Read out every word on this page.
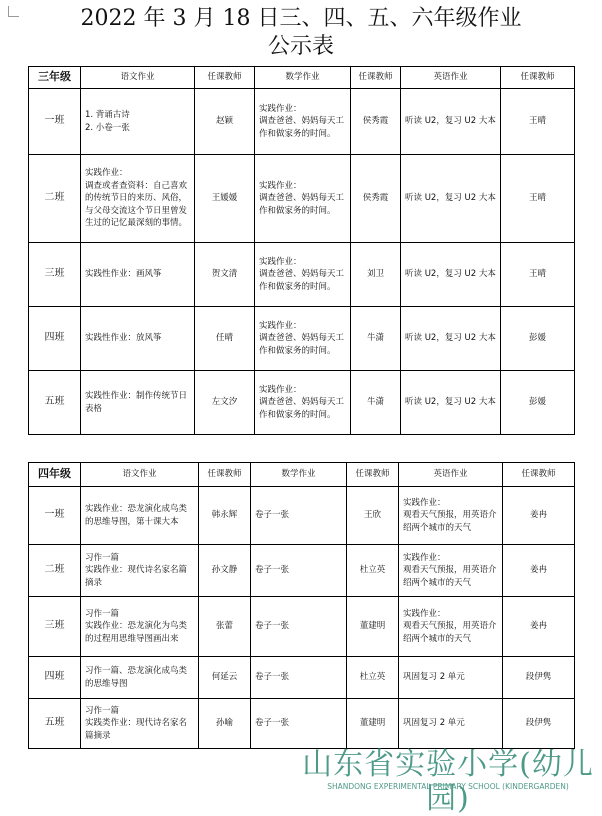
2022 年 3 月 18 日三、四、五、六年级作业
公示表
三年级	语文作业	任课教师	数学作业	任课教师	英语作业	任课教师
一班	1. 背诵古诗
2. 小卷一张	赵颖	实践作业：
调查爸爸、妈妈每天工作和做家务的时间。	侯秀霞	听读 U2，复习 U2 大本	王晴
二班	实践作业：
调查或者查资料：自己喜欢的传统节日的来历、风俗，与父母交流这个节日里曾发生过的记忆最深刻的事情。	王媛媛	实践作业：
调查爸爸、妈妈每天工作和做家务的时间。	侯秀霞	听读 U2，复习 U2 大本	王晴
三班	实践性作业：画风筝	贺文清	实践作业：
调查爸爸、妈妈每天工作和做家务的时间。	刘卫	听读 U2，复习 U2 大本	王晴
四班	实践性作业：放风筝	任晴	实践作业：
调查爸爸、妈妈每天工作和做家务的时间。	牛潇	听读 U2，复习 U2 大本	彭媛
五班	实践性作业：制作传统节日表格	左文汐	实践作业：
调查爸爸、妈妈每天工作和做家务的时间。	牛潇	听读 U2，复习 U2 大本	彭媛
四年级	语文作业	任课教师	数学作业	任课教师	英语作业	任课教师
一班	实践作业：恐龙演化成鸟类的思维导图，第十课大本	韩永辉	卷子一张	王欣	实践作业：
观看天气预报，用英语介绍两个城市的天气	姜冉
二班	习作一篇
实践作业：现代诗名家名篇摘录	孙文静	卷子一张	杜立英	实践作业：
观看天气预报，用英语介绍两个城市的天气	姜冉
三班	习作一篇
实践作业：恐龙演化为鸟类的过程用思维导图画出来	张蕾	卷子一张	董建明	实践作业：
观看天气预报，用英语介绍两个城市的天气	姜冉
四班	习作一篇、恐龙演化成鸟类的思维导图	何延云	卷子一张	杜立英	巩固复习 2 单元	段伊隽
五班	习作一篇
实践类作业：现代诗名家名篇摘录	孙喻	卷子一张	董建明	巩固复习 2 单元	段伊隽
山东省实验小学(幼儿园)
SHANDONG EXPERIMENTAL PRIMARY SCHOOL (KINDERGARDEN)
